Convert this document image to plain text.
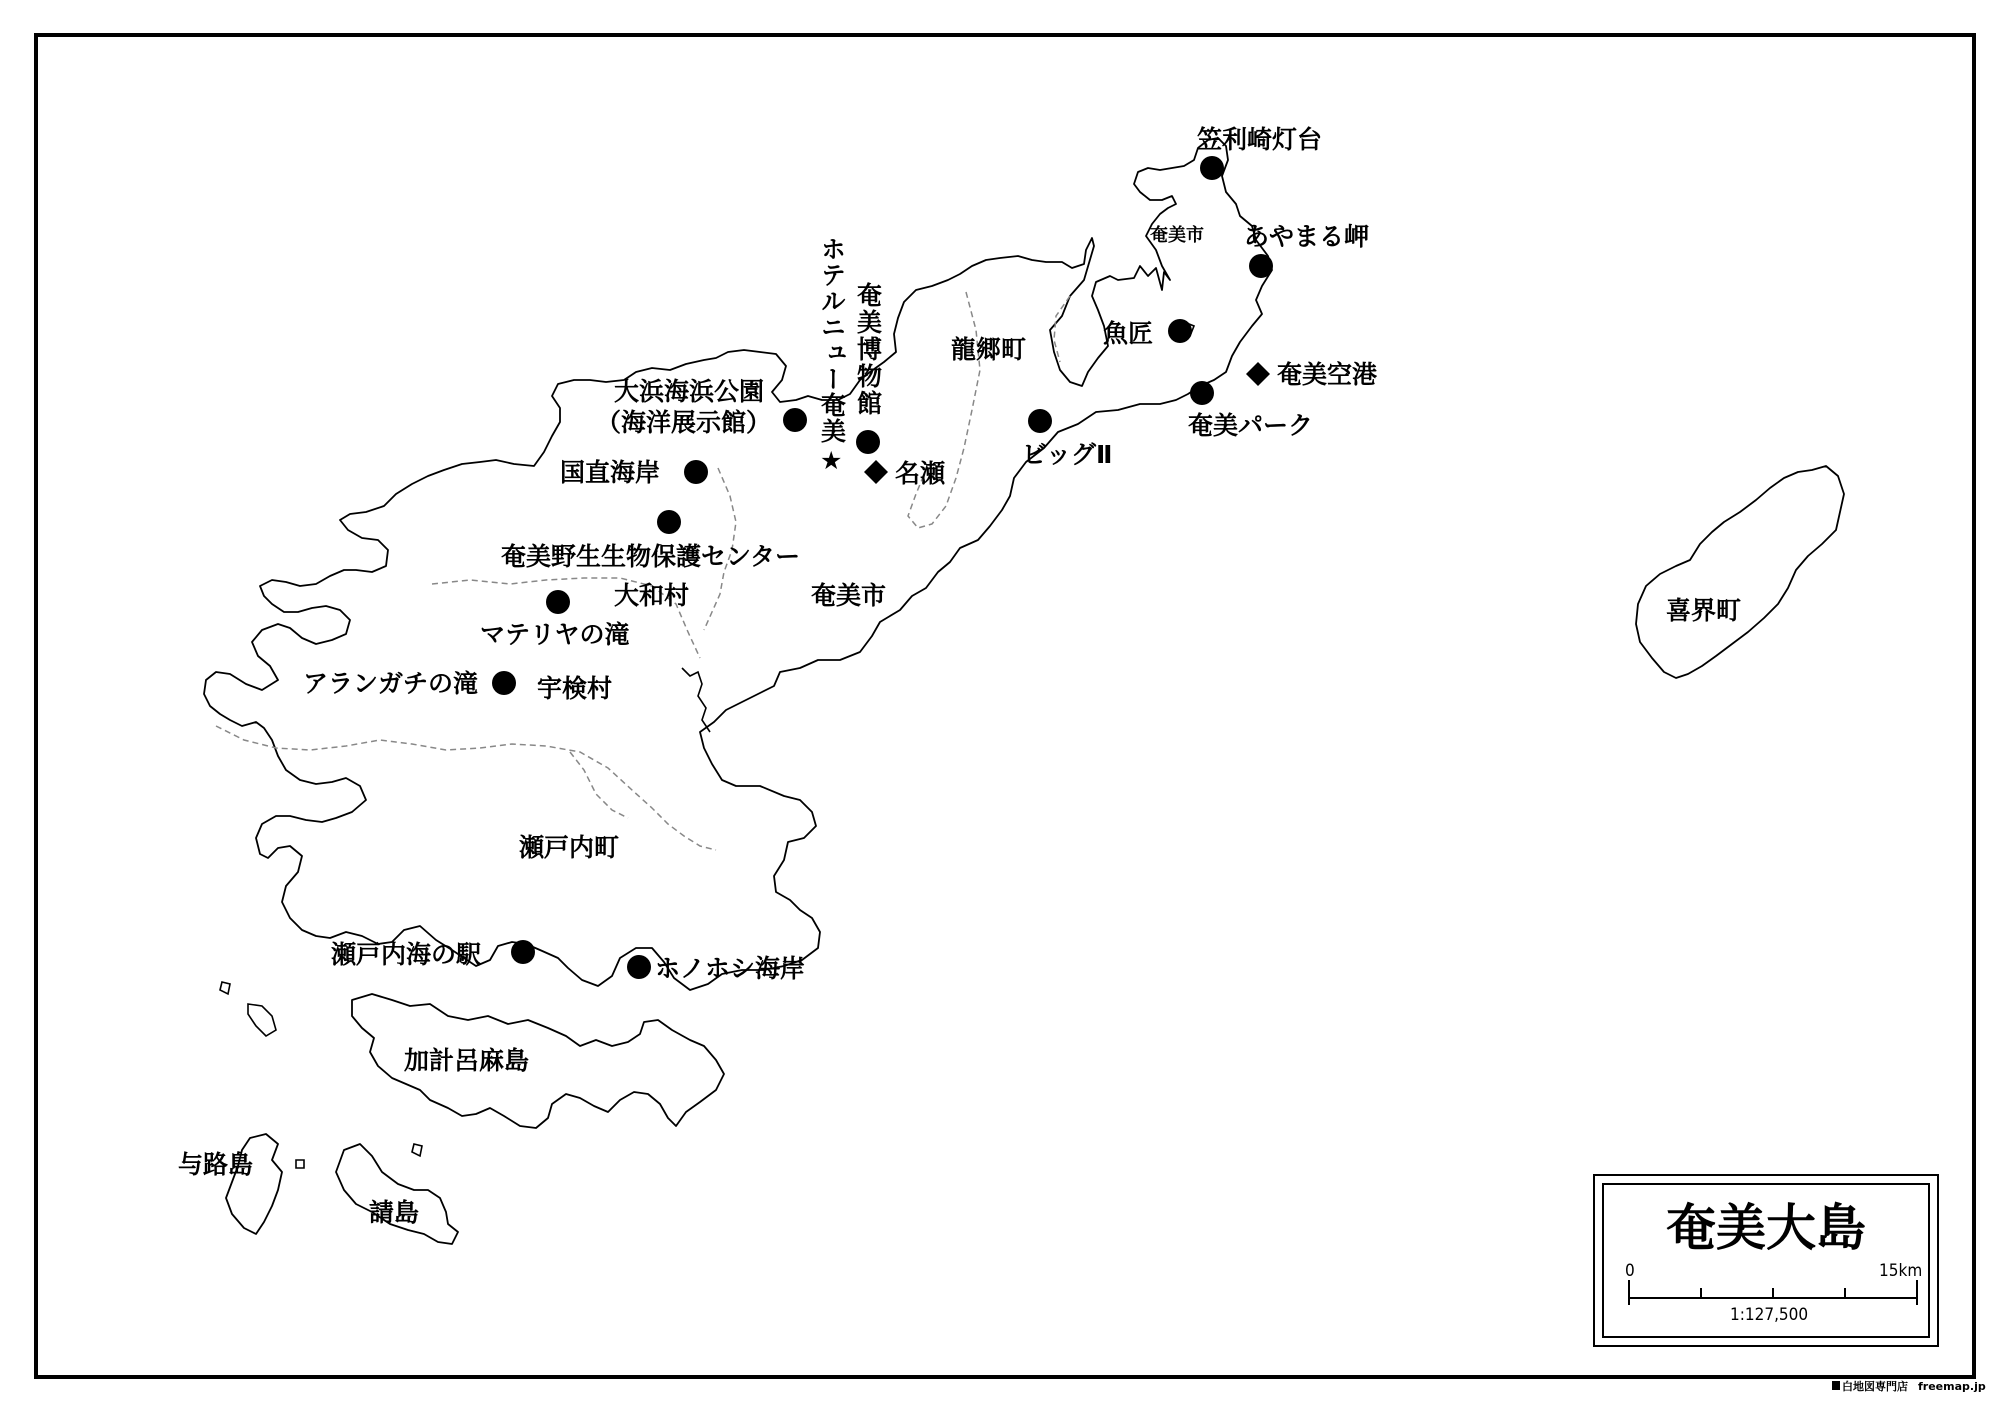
奄美市
龍郷町
大和村	奄美市
宇検村
瀬戸内町
喜界町
加計呂麻島
与路島
請島
笠利崎灯台
あやまる岬
魚匠
奄美パーク
ビッグⅡ
大浜海浜公園
（海洋展示館）
国直海岸
奄美野生生物保護センター
マテリヤの滝
アランガチの滝
瀬戸内海の駅	ホノホシ海岸
奄美博物館
ホテルニュー奄美
★
奄美空港
名瀬
奄美大島
0	15km
1:127,500
白地図専門店 freemap.jp
